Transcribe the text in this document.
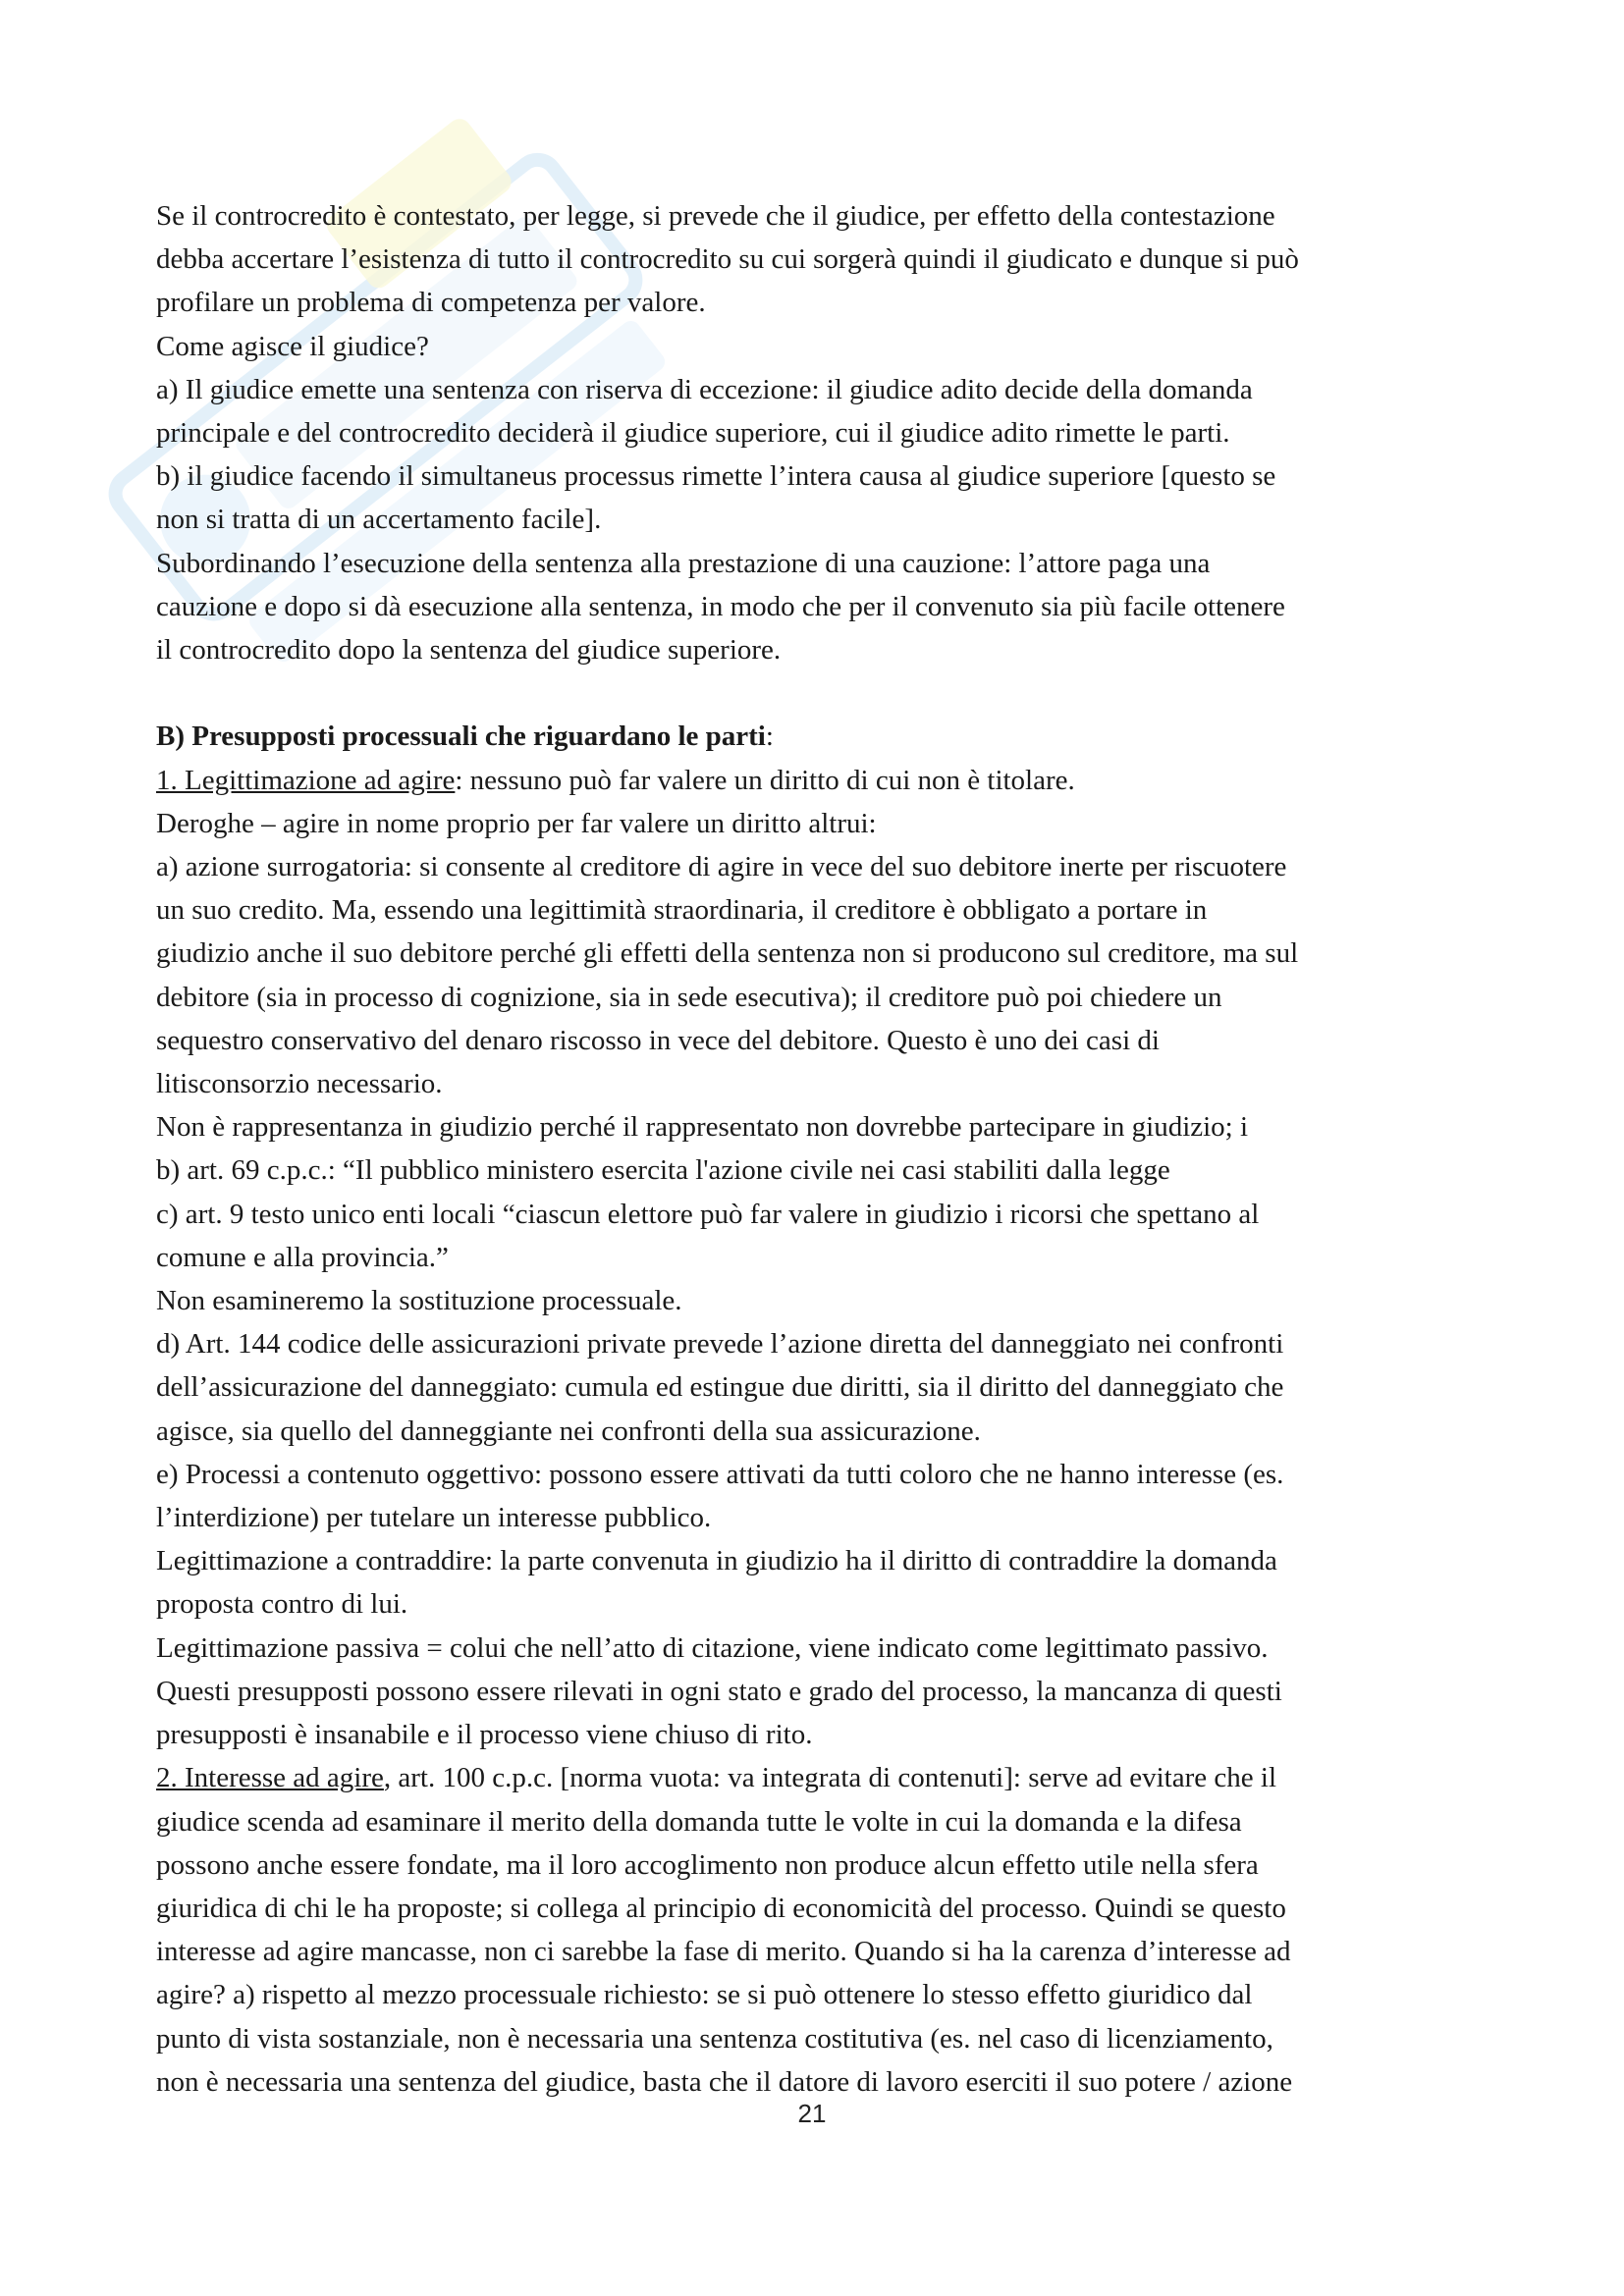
Se il controcredito è contestato, per legge, si prevede che il giudice, per effetto della contestazione

debba accertare l’esistenza di tutto il controcredito su cui sorgerà quindi il giudicato e dunque si può

profilare un problema di competenza per valore.

Come agisce il giudice?

a) Il giudice emette una sentenza con riserva di eccezione: il giudice adito decide della domanda

principale e del controcredito deciderà il giudice superiore, cui il giudice adito rimette le parti.

b) il giudice facendo il simultaneus processus rimette l’intera causa al giudice superiore [questo se

non si tratta di un accertamento facile].

Subordinando l’esecuzione della sentenza alla prestazione di una cauzione: l’attore paga una

cauzione e dopo si dà esecuzione alla sentenza, in modo che per il convenuto sia più facile ottenere

il controcredito dopo la sentenza del giudice superiore.

B) Presupposti processuali che riguardano le parti:

1. Legittimazione ad agire: nessuno può far valere un diritto di cui non è titolare.

Deroghe – agire in nome proprio per far valere un diritto altrui:

a) azione surrogatoria: si consente al creditore di agire in vece del suo debitore inerte per riscuotere

un suo credito. Ma, essendo una legittimità straordinaria, il creditore è obbligato a portare in

giudizio anche il suo debitore perché gli effetti della sentenza non si producono sul creditore, ma sul

debitore (sia in processo di cognizione, sia in sede esecutiva); il creditore può poi chiedere un

sequestro conservativo del denaro riscosso in vece del debitore. Questo è uno dei casi di

litisconsorzio necessario.

Non è rappresentanza in giudizio perché il rappresentato non dovrebbe partecipare in giudizio; i

b) art. 69 c.p.c.: “Il pubblico ministero esercita l'azione civile nei casi stabiliti dalla legge

c) art. 9 testo unico enti locali “ciascun elettore può far valere in giudizio i ricorsi che spettano al

comune e alla provincia.”

Non esamineremo la sostituzione processuale.

d) Art. 144 codice delle assicurazioni private prevede l’azione diretta del danneggiato nei confronti

dell’assicurazione del danneggiato: cumula ed estingue due diritti, sia il diritto del danneggiato che

agisce, sia quello del danneggiante nei confronti della sua assicurazione.

e) Processi a contenuto oggettivo: possono essere attivati da tutti coloro che ne hanno interesse (es.

l’interdizione) per tutelare un interesse pubblico.

Legittimazione a contraddire: la parte convenuta in giudizio ha il diritto di contraddire la domanda

proposta contro di lui.

Legittimazione passiva = colui che nell’atto di citazione, viene indicato come legittimato passivo.

Questi presupposti possono essere rilevati in ogni stato e grado del processo, la mancanza di questi

presupposti è insanabile e il processo viene chiuso di rito.

2. Interesse ad agire, art. 100 c.p.c. [norma vuota: va integrata di contenuti]: serve ad evitare che il

giudice scenda ad esaminare il merito della domanda tutte le volte in cui la domanda e la difesa

possono anche essere fondate, ma il loro accoglimento non produce alcun effetto utile nella sfera

giuridica di chi le ha proposte; si collega al principio di economicità del processo. Quindi se questo

interesse ad agire mancasse, non ci sarebbe la fase di merito. Quando si ha la carenza d’interesse ad

agire? a) rispetto al mezzo processuale richiesto: se si può ottenere lo stesso effetto giuridico dal

punto di vista sostanziale, non è necessaria una sentenza costitutiva (es. nel caso di licenziamento,

non è necessaria una sentenza del giudice, basta che il datore di lavoro eserciti il suo potere / azione

21
